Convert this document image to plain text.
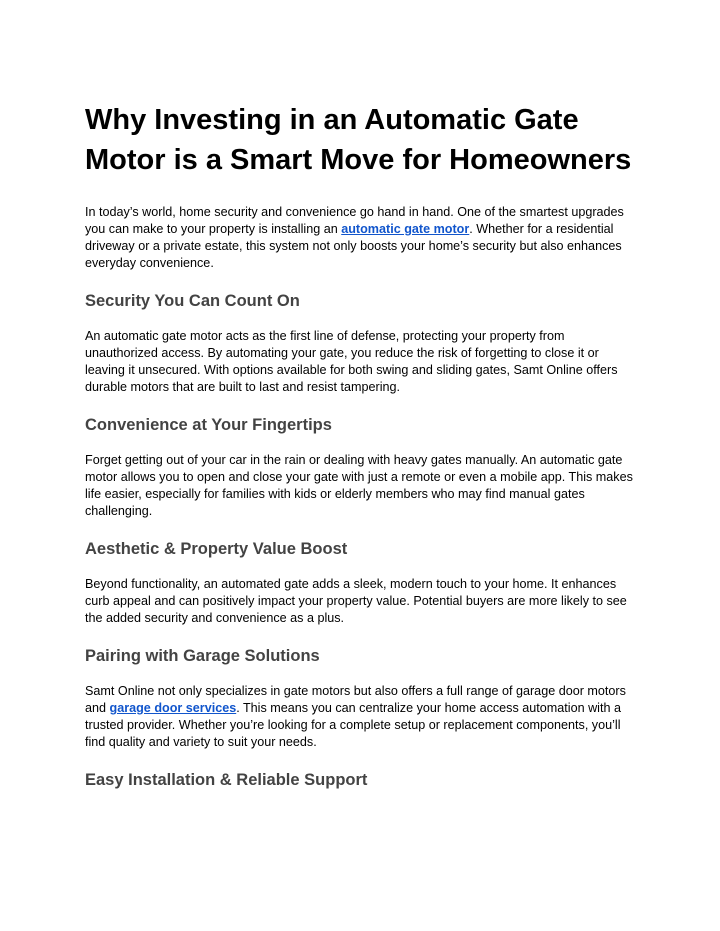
Why Investing in an Automatic Gate Motor is a Smart Move for Homeowners

In today’s world, home security and convenience go hand in hand. One of the smartest upgrades you can make to your property is installing an automatic gate motor. Whether for a residential driveway or a private estate, this system not only boosts your home’s security but also enhances everyday convenience.

Security You Can Count On

An automatic gate motor acts as the first line of defense, protecting your property from unauthorized access. By automating your gate, you reduce the risk of forgetting to close it or leaving it unsecured. With options available for both swing and sliding gates, Samt Online offers durable motors that are built to last and resist tampering.

Convenience at Your Fingertips

Forget getting out of your car in the rain or dealing with heavy gates manually. An automatic gate motor allows you to open and close your gate with just a remote or even a mobile app. This makes life easier, especially for families with kids or elderly members who may find manual gates challenging.

Aesthetic & Property Value Boost

Beyond functionality, an automated gate adds a sleek, modern touch to your home. It enhances curb appeal and can positively impact your property value. Potential buyers are more likely to see the added security and convenience as a plus.

Pairing with Garage Solutions

Samt Online not only specializes in gate motors but also offers a full range of garage door motors and garage door services. This means you can centralize your home access automation with a trusted provider. Whether you’re looking for a complete setup or replacement components, you’ll find quality and variety to suit your needs.

Easy Installation & Reliable Support
